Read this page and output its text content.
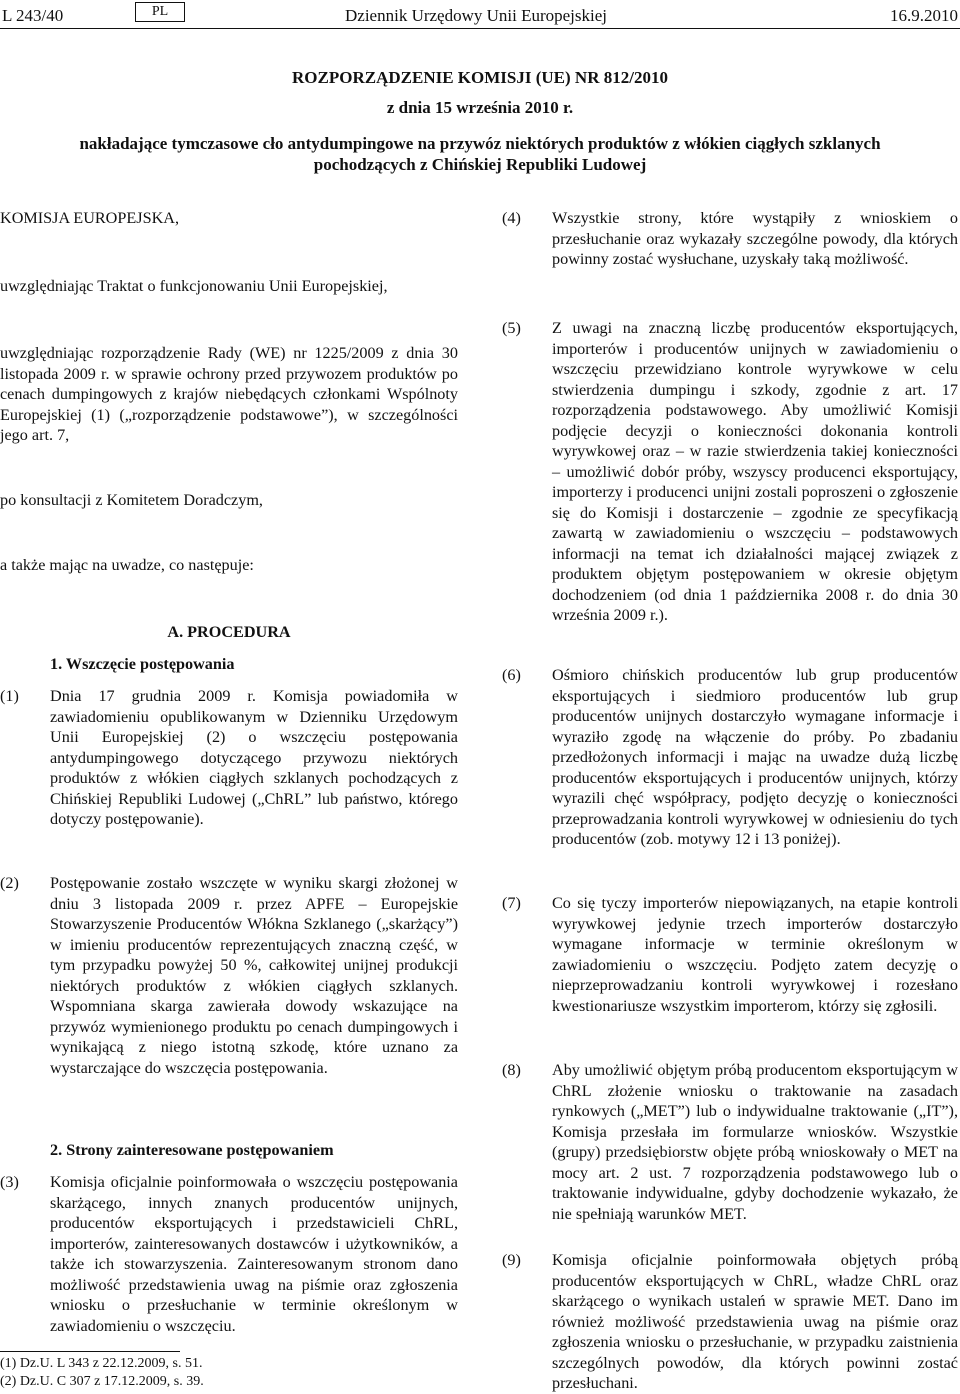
L 243/40	PL	Dziennik Urzędowy Unii Europejskiej	16.9.2010
ROZPORZĄDZENIE KOMISJI (UE) NR 812/2010
z dnia 15 września 2010 r.
nakładające tymczasowe cło antydumpingowe na przywóz niektórych produktów z włókien ciągłych szklanych pochodzących z Chińskiej Republiki Ludowej

KOMISJA EUROPEJSKA,

uwzględniając Traktat o funkcjonowaniu Unii Europejskiej,

uwzględniając rozporządzenie Rady (WE) nr 1225/2009 z dnia 30 listopada 2009 r. w sprawie ochrony przed przywozem produktów po cenach dumpingowych z krajów niebędących członkami Wspólnoty Europejskiej (1) („rozporządzenie podstawowe”), w szczególności jego art. 7,

po konsultacji z Komitetem Doradczym,

a także mając na uwadze, co następuje:

A. PROCEDURA

1. Wszczęcie postępowania

(1) Dnia 17 grudnia 2009 r. Komisja powiadomiła w zawiadomieniu opublikowanym w Dzienniku Urzędowym Unii Europejskiej (2) o wszczęciu postępowania antydumpingowego dotyczącego przywozu niektórych produktów z włókien ciągłych szklanych pochodzących z Chińskiej Republiki Ludowej („ChRL” lub państwo, którego dotyczy postępowanie).

(2) Postępowanie zostało wszczęte w wyniku skargi złożonej w dniu 3 listopada 2009 r. przez APFE – Europejskie Stowarzyszenie Producentów Włókna Szklanego („skarżący”) w imieniu producentów reprezentujących znaczną część, w tym przypadku powyżej 50 %, całkowitej unijnej produkcji niektórych produktów z włókien ciągłych szklanych. Wspomniana skarga zawierała dowody wskazujące na przywóz wymienionego produktu po cenach dumpingowych i wynikającą z niego istotną szkodę, które uznano za wystarczające do wszczęcia postępowania.

2. Strony zainteresowane postępowaniem

(3) Komisja oficjalnie poinformowała o wszczęciu postępowania skarżącego, innych znanych producentów unijnych, producentów eksportujących i przedstawicieli ChRL, importerów, zainteresowanych dostawców i użytkowników, a także ich stowarzyszenia. Zainteresowanym stronom dano możliwość przedstawienia uwag na piśmie oraz zgłoszenia wniosku o przesłuchanie w terminie określonym w zawiadomieniu o wszczęciu.

(1) Dz.U. L 343 z 22.12.2009, s. 51.
(2) Dz.U. C 307 z 17.12.2009, s. 39.
(4) Wszystkie strony, które wystąpiły z wnioskiem o przesłuchanie oraz wykazały szczególne powody, dla których powinny zostać wysłuchane, uzyskały taką możliwość.

(5) Z uwagi na znaczną liczbę producentów eksportujących, importerów i producentów unijnych w zawiadomieniu o wszczęciu przewidziano kontrole wyrywkowe w celu stwierdzenia dumpingu i szkody, zgodnie z art. 17 rozporządzenia podstawowego. Aby umożliwić Komisji podjęcie decyzji o konieczności dokonania kontroli wyrywkowej oraz – w razie stwierdzenia takiej konieczności – umożliwić dobór próby, wszyscy producenci eksportujący, importerzy i producenci unijni zostali poproszeni o zgłoszenie się do Komisji i dostarczenie – zgodnie ze specyfikacją zawartą w zawiadomieniu o wszczęciu – podstawowych informacji na temat ich działalności mającej związek z produktem objętym postępowaniem w okresie objętym dochodzeniem (od dnia 1 października 2008 r. do dnia 30 września 2009 r.).

(6) Ośmioro chińskich producentów lub grup producentów eksportujących i siedmioro producentów lub grup producentów unijnych dostarczyło wymagane informacje i wyraziło zgodę na włączenie do próby. Po zbadaniu przedłożonych informacji i mając na uwadze dużą liczbę producentów eksportujących i producentów unijnych, którzy wyrazili chęć współpracy, podjęto decyzję o konieczności przeprowadzania kontroli wyrywkowej w odniesieniu do tych producentów (zob. motywy 12 i 13 poniżej).

(7) Co się tyczy importerów niepowiązanych, na etapie kontroli wyrywkowej jedynie trzech importerów dostarczyło wymagane informacje w terminie określonym w zawiadomieniu o wszczęciu. Podjęto zatem decyzję o nieprzeprowadzaniu kontroli wyrywkowej i rozesłano kwestionariusze wszystkim importerom, którzy się zgłosili.

(8) Aby umożliwić objętym próbą producentom eksportującym w ChRL złożenie wniosku o traktowanie na zasadach rynkowych („MET”) lub o indywidualne traktowanie („IT”), Komisja przesłała im formularze wniosków. Wszystkie (grupy) przedsiębiorstw objęte próbą wnioskowały o MET na mocy art. 2 ust. 7 rozporządzenia podstawowego lub o traktowanie indywidualne, gdyby dochodzenie wykazało, że nie spełniają warunków MET.

(9) Komisja oficjalnie poinformowała objętych próbą producentów eksportujących w ChRL, władze ChRL oraz skarżącego o wynikach ustaleń w sprawie MET. Dano im również możliwość przedstawienia uwag na piśmie oraz zgłoszenia wniosku o przesłuchanie, w przypadku zaistnienia szczególnych powodów, dla których powinni zostać przesłuchani.
